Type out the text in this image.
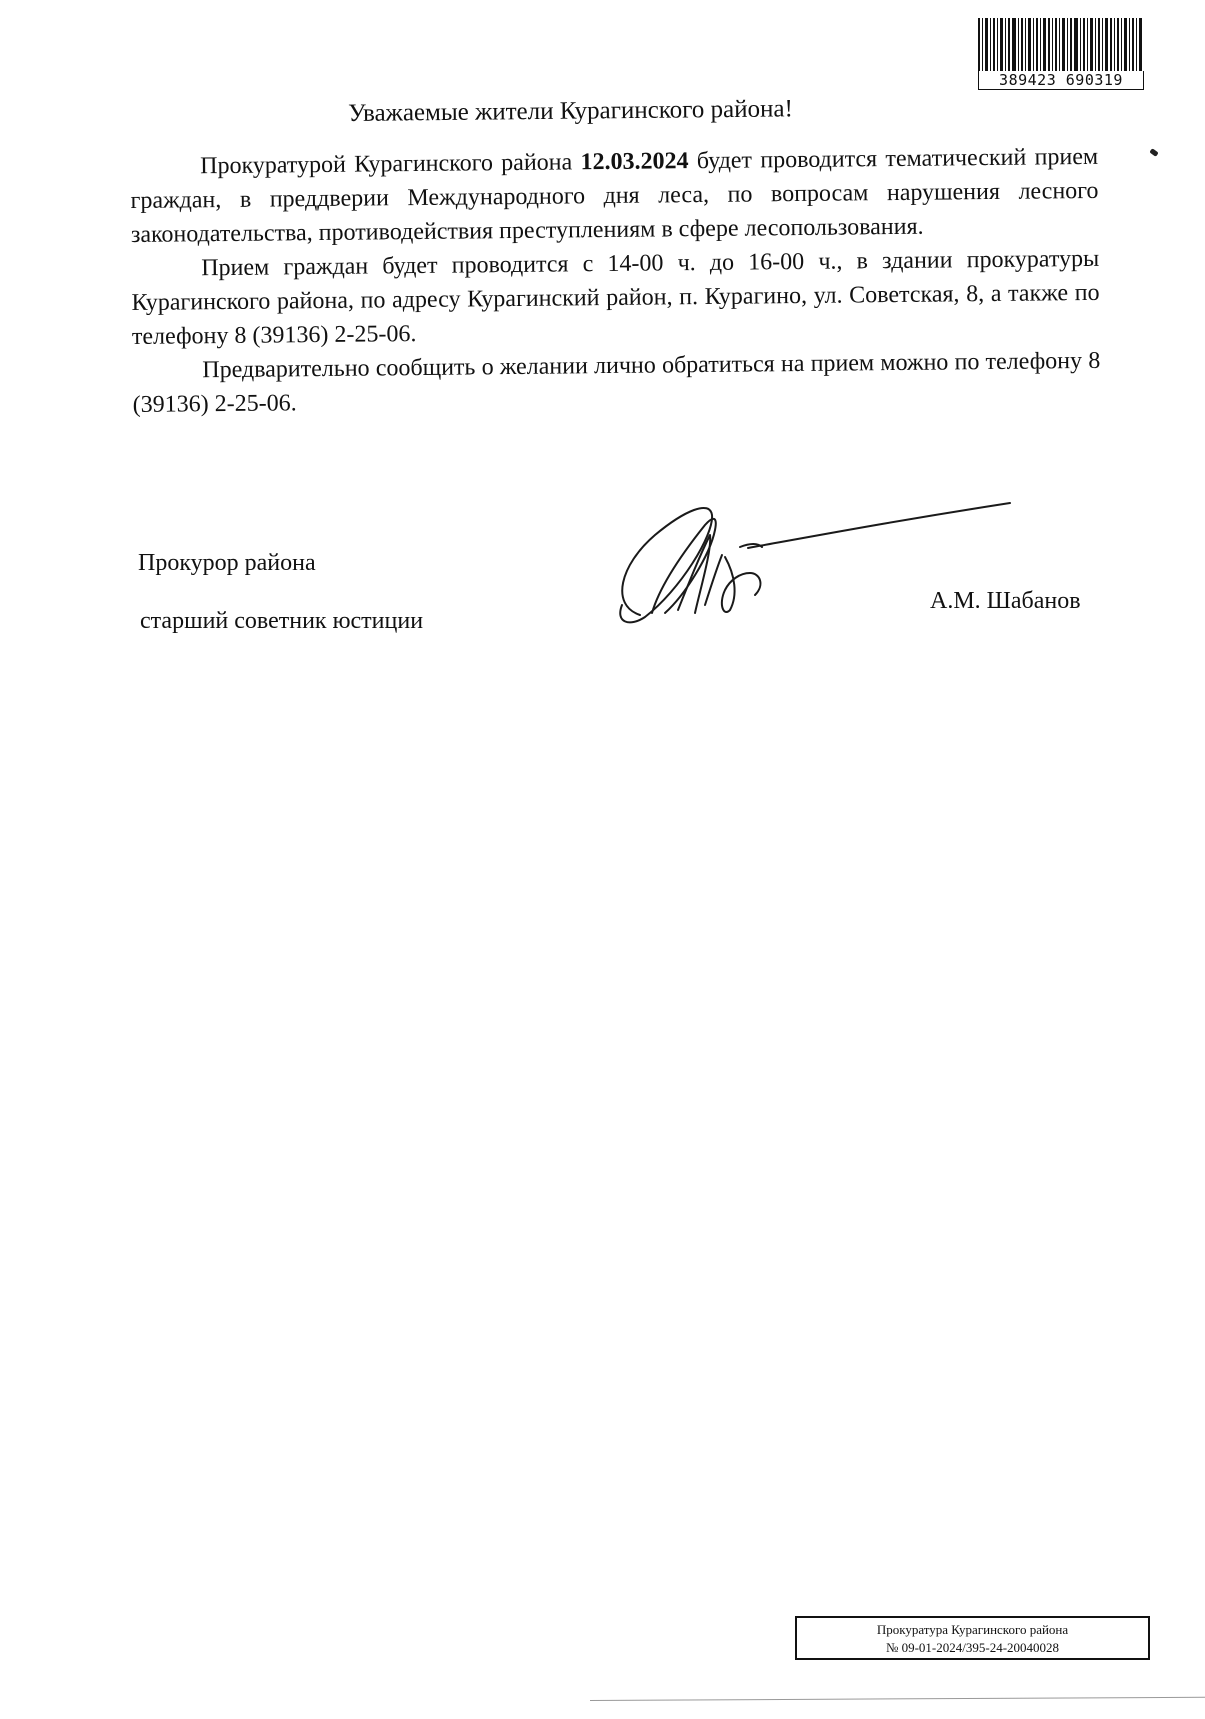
389423 690319
Уважаемые жители Курагинского района!

Прокуратурой Курагинского района 12.03.2024 будет проводится тематический прием граждан, в преддверии Международного дня леса, по вопросам нарушения лесного законодательства, противодействия преступлениям в сфере лесопользования.

Прием граждан будет проводится с 14-00 ч. до 16-00 ч., в здании прокуратуры Курагинского района, по адресу Курагинский район, п. Курагино, ул. Советская, 8, а также по телефону 8 (39136) 2-25-06.

Предварительно сообщить о желании лично обратиться на прием можно по телефону 8 (39136) 2-25-06.

Прокурор района
старший советник юстиции
А.М. Шабанов
Прокуратура Курагинского района
№ 09-01-2024/395-24-20040028
